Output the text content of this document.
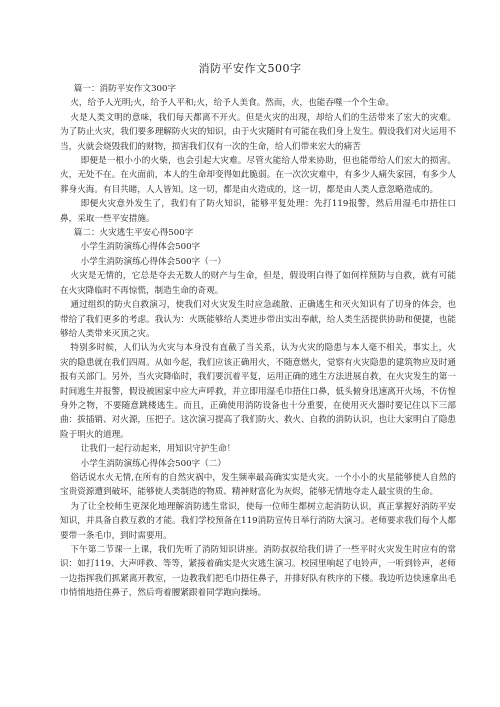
消防平安作文500字

篇一：消防平安作文300字

火，给予人光明;火，给予人平和;火，给予人美食。然而，火，也能吞噬一个个生命。

火是人类文明的意味，我们每天都离不开火。但是火灾的出现，却给人们的生活带来了宏大的灾难。为了防止火灾，我们要多理解防火灾的知识，由于火灾随时有可能在我们身上发生。假设我们对火运用不当，火就会烧毁我们的财物，损害我们仅有一次的生命，给人们带来宏大的痛苦

即便是一根小小的火柴，也会引起大灾难。尽管火能给人带来协助，但也能带给人们宏大的损害。火，无处不在。在火面前，本人的生命却变得如此脆弱。在一次次灾难中，有多少人痛失家园，有多少人葬身火海。有目共睹，人人皆知。这一切，都是由火造成的，这一切，都是由人类人意忽略造成的。

即便火灾意外发生了，我们有了防火知识，能够平复处理：先打119报警，然后用湿毛巾捂住口鼻，采取一些平安措施。

篇二：火灾逃生平安心得500字

小学生消防演练心得体会500字

小学生消防演练心得体会500字（一）

火灾是无情的，它总是夺去无数人的财产与生命，但是，假设明白得了如何样预防与自救，就有可能在火灾降临时不再惊慌，制造生命的奇观。

通过组织的防火自救演习，使我们对火灾发生时应急疏散、正确逃生和灭火知识有了切身的体会，也带给了我们更多的考虑。我认为：火既能够给人类进步带出实出奉献，给人类生活提供协助和便捷，也能够给人类带来灭顶之灾。

特别多时候，人们认为火灾与本身没有直截了当关系，认为火灾的隐患与本人毫不相关，事实上，火灾的隐患就在我们四周。从如今起，我们应该正确用火，不随意燃火，觉察有火灾隐患的建筑物应及时通报有关部门。另外，当火灾降临时，我们要沉着平复，运用正确的逃生方法进展自救，在火灾发生的第一时间逃生并报警，假设被困家中应大声呼救，并立即用湿毛巾捂住口鼻，低头俯身迅速离开火场，不仿惶身外之物，不要随意跳楼逃生。而且，正确使用消防设备也十分重要，在使用灭火器时要记住以下三部曲：拔插销、对火源，压把子。这次演习提高了我们防火、救火、自救的消防认识，也让大家明白了隐患险于明火的道理。

让我们一起行动起来，用知识守护生命！

小学生消防演练心得体会500字（二）

俗话说水火无情,在所有的自然灾祸中，发生频率最高确实实是火灾。一个小小的火星能够使人自然的宝贵资源遭到破坏，能够使人类制造的物质、精神财富化为灰烬，能够无情地夺走人最宝贵的生命。

为了让全校师生更深化地理解消防逃生常识，使每一位师生都树立起消防认识，真正掌握好消防平安知识，并具备自救互救的才能。我们学校预备在119消防宣传日举行消防大演习。老师要求我们每个人都要带一条毛巾，到时需要用。

下午第二节课一上课，我们先听了消防知识讲座。消防叔叔给我们讲了一些平时火灾发生时应有的常识：如打119、大声呼救、等等，紧接着确实是火灾逃生演习。校园里响起了电铃声，一听到铃声，老师一边指挥我们抓紧离开教室，一边教我们把毛巾捂住鼻子，并排好队有秩序的下楼。我边听边快速拿出毛巾悄悄地捂住鼻子，然后弯着腰紧跟着同学跑向操场。
